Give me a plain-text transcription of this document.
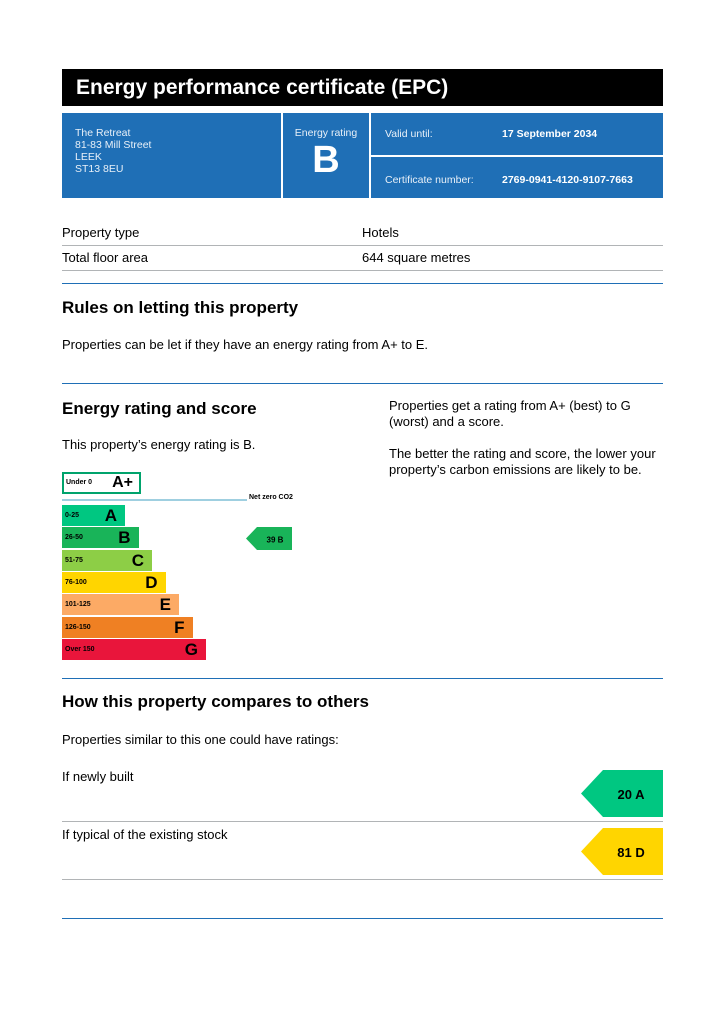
Energy performance certificate (EPC)
The Retreat
81-83 Mill Street
LEEK
ST13 8EU
Energy rating
B
Valid until:	17 September 2034
Certificate number:	2769-0941-4120-9107-7663
Property type	Hotels
Total floor area	644 square metres
Rules on letting this property
Properties can be let if they have an energy rating from A+ to E.
Energy rating and score
This property’s energy rating is B.
Properties get a rating from A+ (best) to G (worst) and a score.
The better the rating and score, the lower your property’s carbon emissions are likely to be.
Under 0 A+
Net zero CO2
0-25 A
26-50 B
51-75	C
76-100	D
101-125	E
126-150	F
Over 150	G
39 B
How this property compares to others
Properties similar to this one could have ratings:
If newly built
20 A
If typical of the existing stock
81 D
